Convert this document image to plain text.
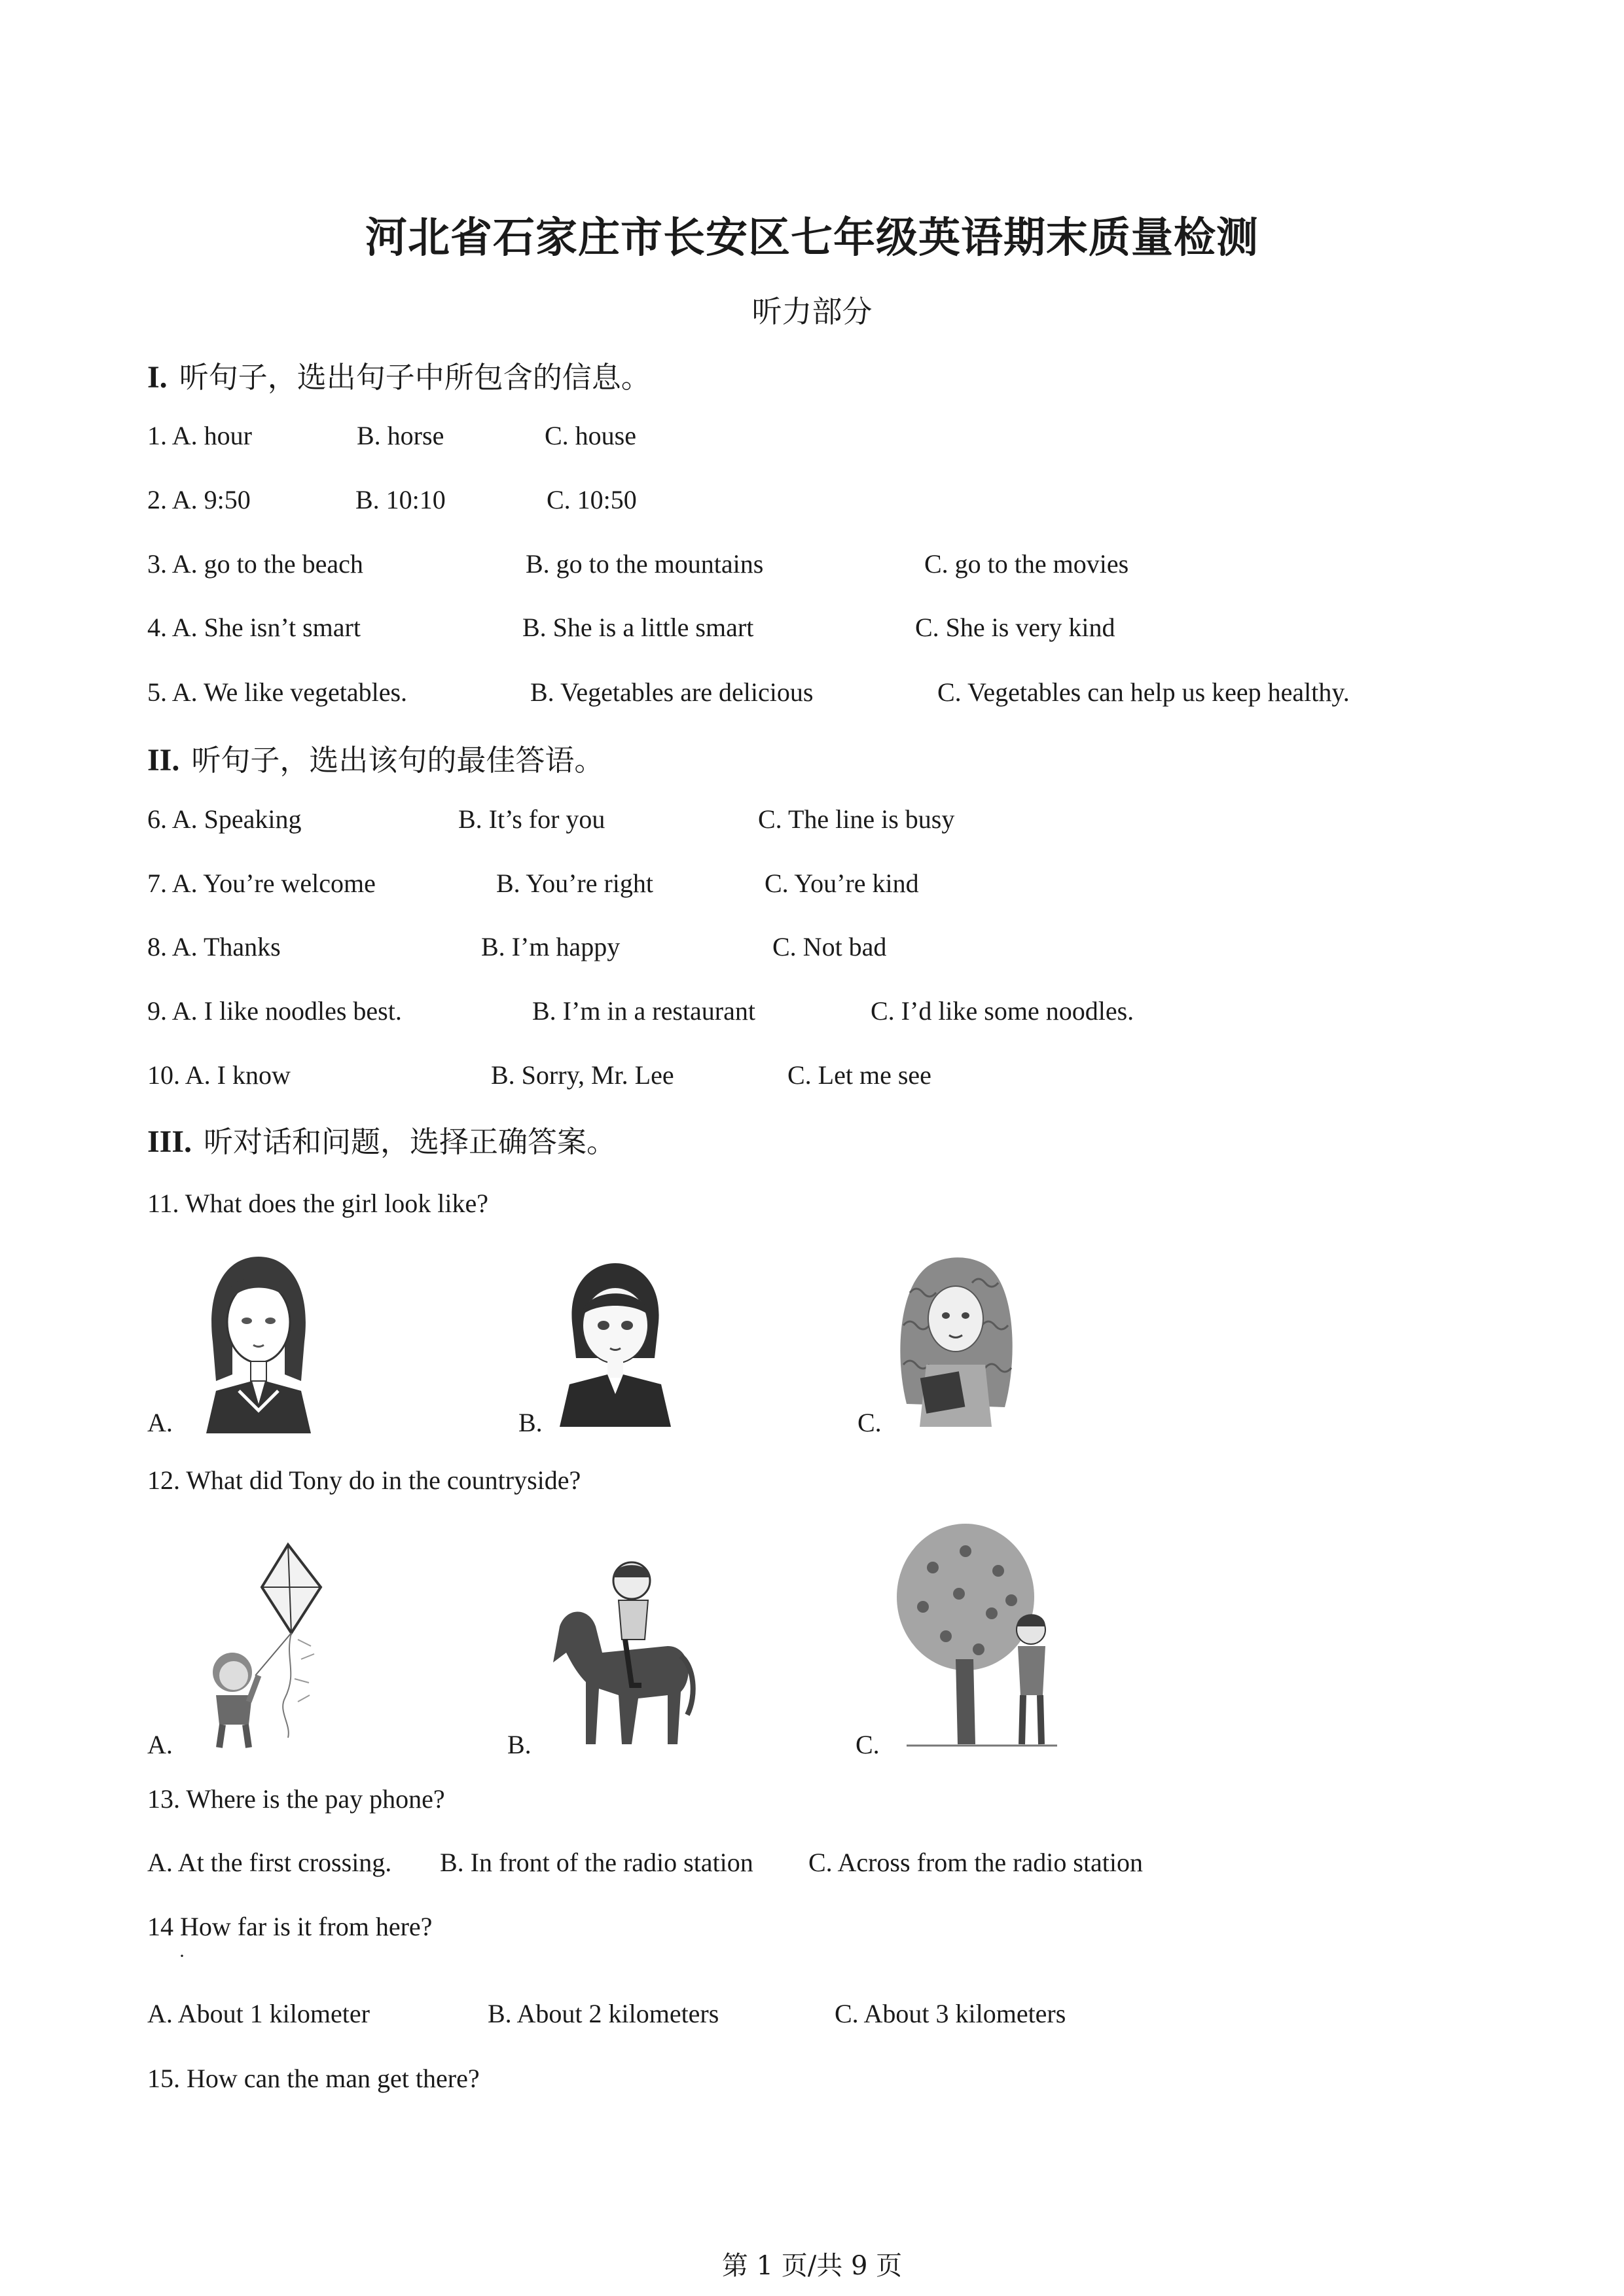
河北省石家庄市长安区七年级英语期末质量检测
听力部分
I. 听句子，选出句子中所包含的信息。
1. A. hour	B. horse	C. house
2. A. 9:50	B. 10:10	C. 10:50
3. A. go to the beach	B. go to the mountains	C. go to the movies
4. A. She isn’t smart	B. She is a little smart	C. She is very kind
5. A. We like vegetables.	B. Vegetables are delicious	C. Vegetables can help us keep healthy.
II. 听句子，选出该句的最佳答语。
6. A. Speaking	B. It’s for you	C. The line is busy
7. A. You’re welcome	B. You’re right	C. You’re kind
8. A. Thanks	B. I’m happy	C. Not bad
9. A. I like noodles best.	B. I’m in a restaurant	C. I’d like some noodles.
10. A. I know	B. Sorry, Mr. Lee	C. Let me see
III. 听对话和问题，选择正确答案。
11. What does the girl look like?
A.	B.	C.
12. What did Tony do in the countryside?
A.	B.	C.
13. Where is the pay phone?
A. At the first crossing. B. In front of the radio station C. Across from the radio station
14 How far is it from here?
·
A. About 1 kilometer	B. About 2 kilometers	C. About 3 kilometers
15. How can the man get there?
第 1 页/共 9 页
